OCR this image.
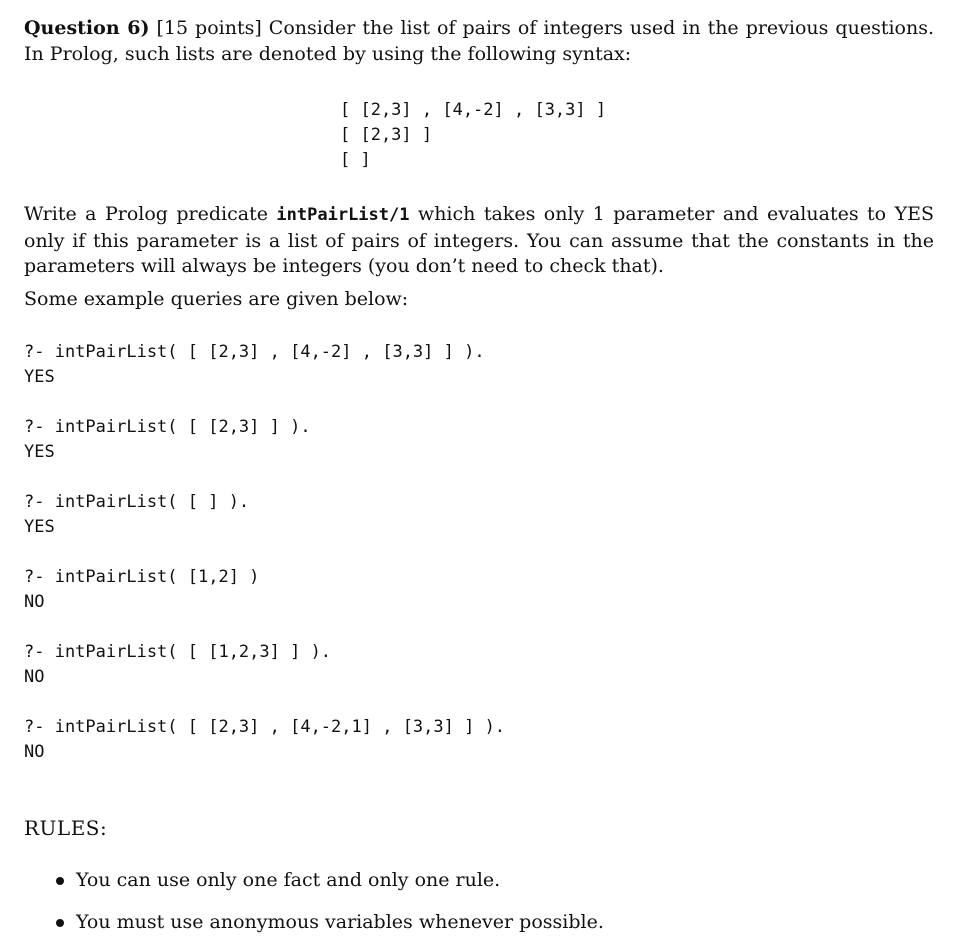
Question 6) [15 points] Consider the list of pairs of integers used in the previous questions. In Prolog, such lists are denoted by using the following syntax:

[ [2,3] , [4,-2] , [3,3] ]
[ [2,3] ]
[ ]

Write a Prolog predicate intPairList/1 which takes only 1 parameter and evaluates to YES only if this parameter is a list of pairs of integers. You can assume that the constants in the parameters will always be integers (you don’t need to check that).

Some example queries are given below:

?- intPairList( [ [2,3] , [4,-2] , [3,3] ] ).
YES
?- intPairList( [ [2,3] ] ).
YES
?- intPairList( [ ] ).
YES
?- intPairList( [1,2] )
NO
?- intPairList( [ [1,2,3] ] ).
NO
?- intPairList( [ [2,3] , [4,-2,1] , [3,3] ] ).
NO

RULES:

You can use only one fact and only one rule.
You must use anonymous variables whenever possible.
